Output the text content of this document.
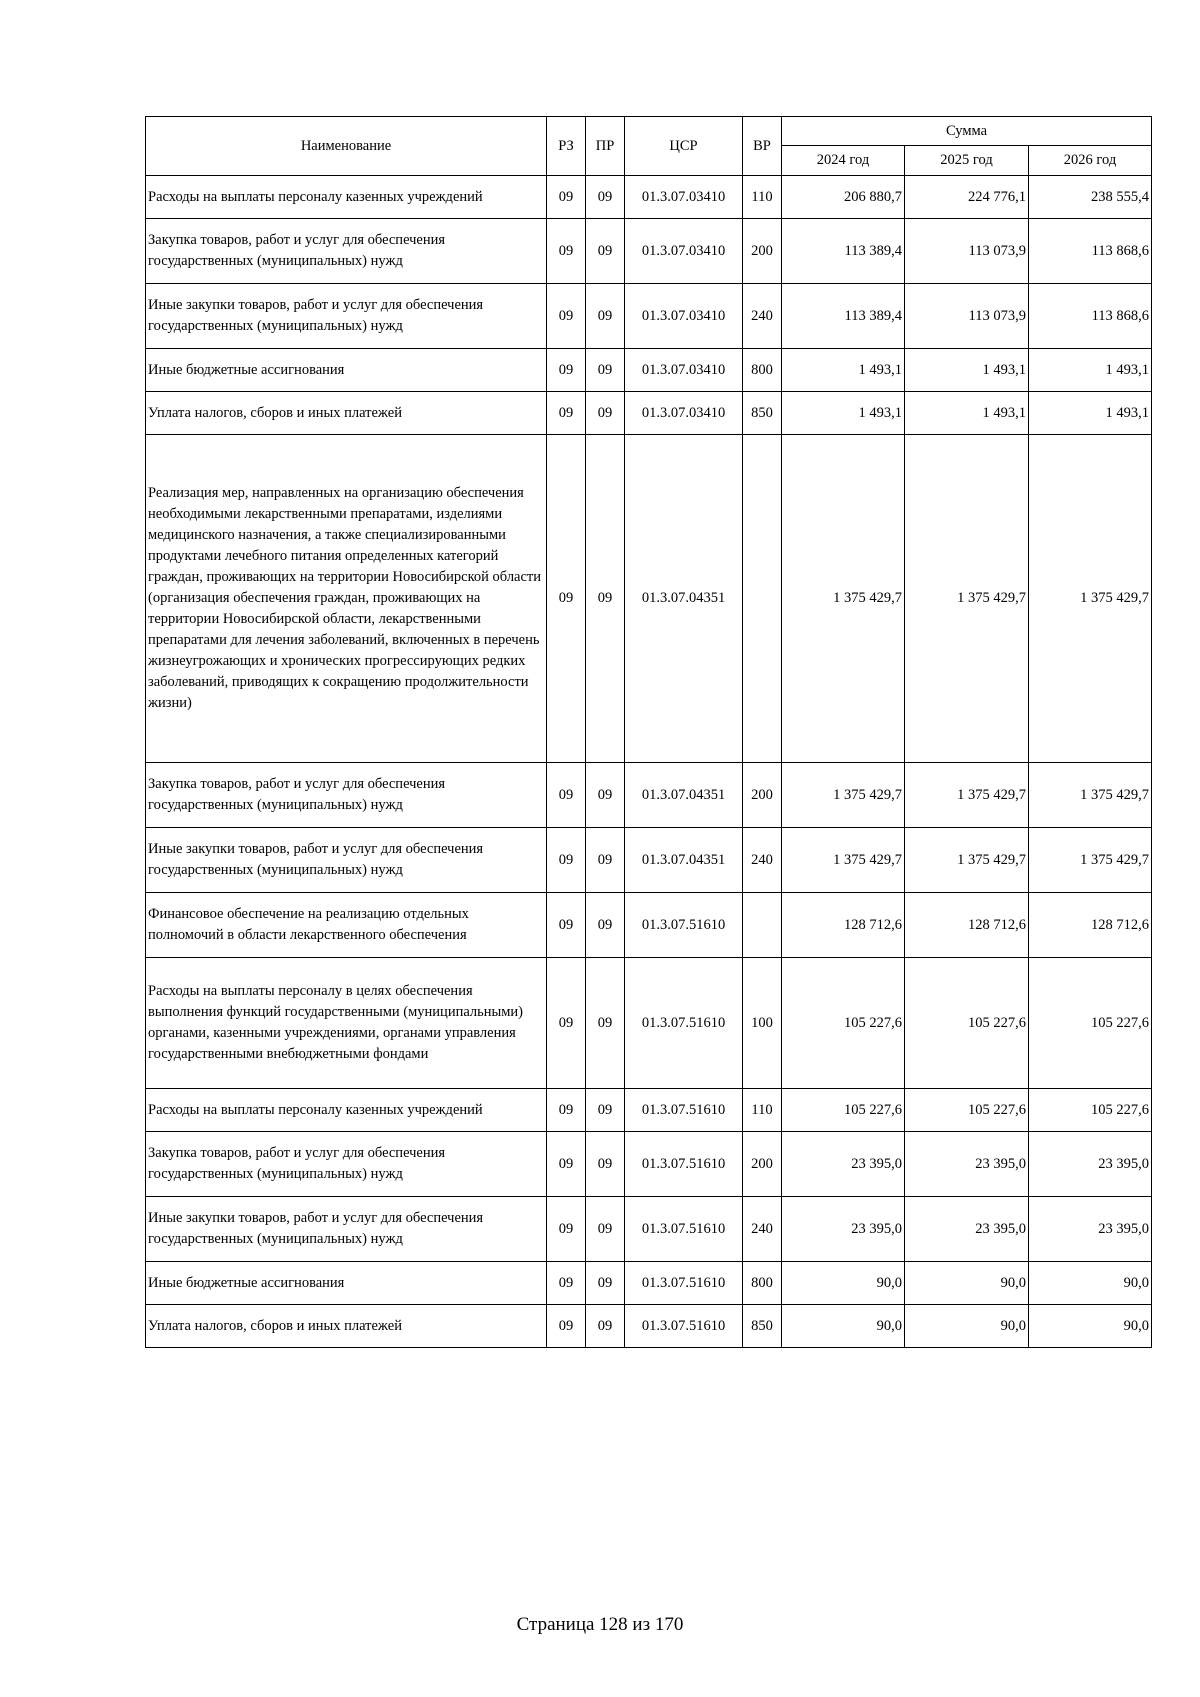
Наименование	РЗ	ПР	ЦСР	ВР	Сумма		
					2024 год	2025 год	2026 год
Расходы на выплаты персоналу казенных учреждений	09	09	01.3.07.03410	110	206 880,7	224 776,1	238 555,4
Закупка товаров, работ и услуг для обеспечения государственных (муниципальных) нужд	09	09	01.3.07.03410	200	113 389,4	113 073,9	113 868,6
Иные закупки товаров, работ и услуг для обеспечения государственных (муниципальных) нужд	09	09	01.3.07.03410	240	113 389,4	113 073,9	113 868,6
Иные бюджетные ассигнования	09	09	01.3.07.03410	800	1 493,1	1 493,1	1 493,1
Уплата налогов, сборов и иных платежей	09	09	01.3.07.03410	850	1 493,1	1 493,1	1 493,1
Реализация мер, направленных на организацию обеспечения необходимыми лекарственными препаратами, изделиями медицинского назначения, а также специализированными продуктами лечебного питания определенных категорий граждан, проживающих на территории Новосибирской области (организация обеспечения граждан, проживающих на территории Новосибирской области, лекарственными препаратами для лечения заболеваний, включенных в перечень жизнеугрожающих и хронических прогрессирующих редких заболеваний, приводящих к сокращению продолжительности жизни)	09	09	01.3.07.04351		1 375 429,7	1 375 429,7	1 375 429,7
Закупка товаров, работ и услуг для обеспечения государственных (муниципальных) нужд	09	09	01.3.07.04351	200	1 375 429,7	1 375 429,7	1 375 429,7
Иные закупки товаров, работ и услуг для обеспечения государственных (муниципальных) нужд	09	09	01.3.07.04351	240	1 375 429,7	1 375 429,7	1 375 429,7
Финансовое обеспечение на реализацию отдельных полномочий в области лекарственного обеспечения	09	09	01.3.07.51610		128 712,6	128 712,6	128 712,6
Расходы на выплаты персоналу в целях обеспечения выполнения функций государственными (муниципальными) органами, казенными учреждениями, органами управления государственными внебюджетными фондами	09	09	01.3.07.51610	100	105 227,6	105 227,6	105 227,6
Расходы на выплаты персоналу казенных учреждений	09	09	01.3.07.51610	110	105 227,6	105 227,6	105 227,6
Закупка товаров, работ и услуг для обеспечения государственных (муниципальных) нужд	09	09	01.3.07.51610	200	23 395,0	23 395,0	23 395,0
Иные закупки товаров, работ и услуг для обеспечения государственных (муниципальных) нужд	09	09	01.3.07.51610	240	23 395,0	23 395,0	23 395,0
Иные бюджетные ассигнования	09	09	01.3.07.51610	800	90,0	90,0	90,0
Уплата налогов, сборов и иных платежей	09	09	01.3.07.51610	850	90,0	90,0	90,0
Страница 128 из 170
